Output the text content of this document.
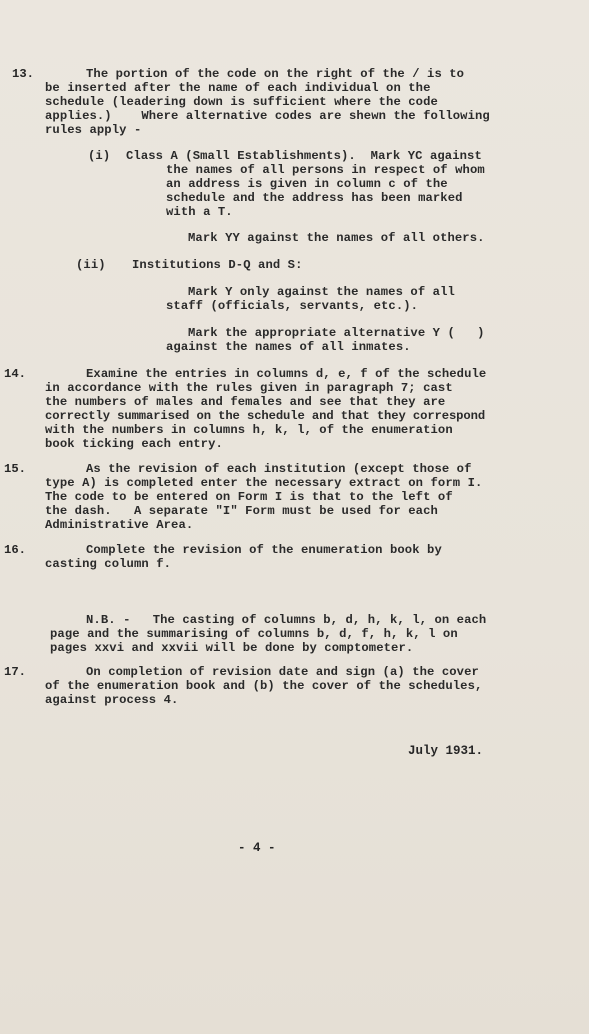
13.	The portion of the code on the right of the / is to
be inserted after the name of each individual on the
schedule (leadering down is sufficient where the code
applies.)    Where alternative codes are shewn the following
rules apply -
(i) Class A (Small Establishments).  Mark YC against
the names of all persons in respect of whom
an address is given in column c of the
schedule and the address has been marked
with a T.
Mark YY against the names of all others.
(ii) Institutions D-Q and S:
Mark Y only against the names of all
staff (officials, servants, etc.).
Mark the appropriate alternative Y (   )
against the names of all inmates.
14.	Examine the entries in columns d, e, f of the schedule
in accordance with the rules given in paragraph 7; cast
the numbers of males and females and see that they are
correctly summarised on the schedule and that they correspond
with the numbers in columns h, k, l, of the enumeration
book ticking each entry.
15.	As the revision of each institution (except those of
type A) is completed enter the necessary extract on form I.
The code to be entered on Form I is that to the left of
the dash.   A separate "I" Form must be used for each
Administrative Area.
16.	Complete the revision of the enumeration book by
casting column f.
N.B. -   The casting of columns b, d, h, k, l, on each
page and the summarising of columns b, d, f, h, k, l on
pages xxvi and xxvii will be done by comptometer.
17.	On completion of revision date and sign (a) the cover
of the enumeration book and (b) the cover of the schedules,
against process 4.
July 1931.
- 4 -
